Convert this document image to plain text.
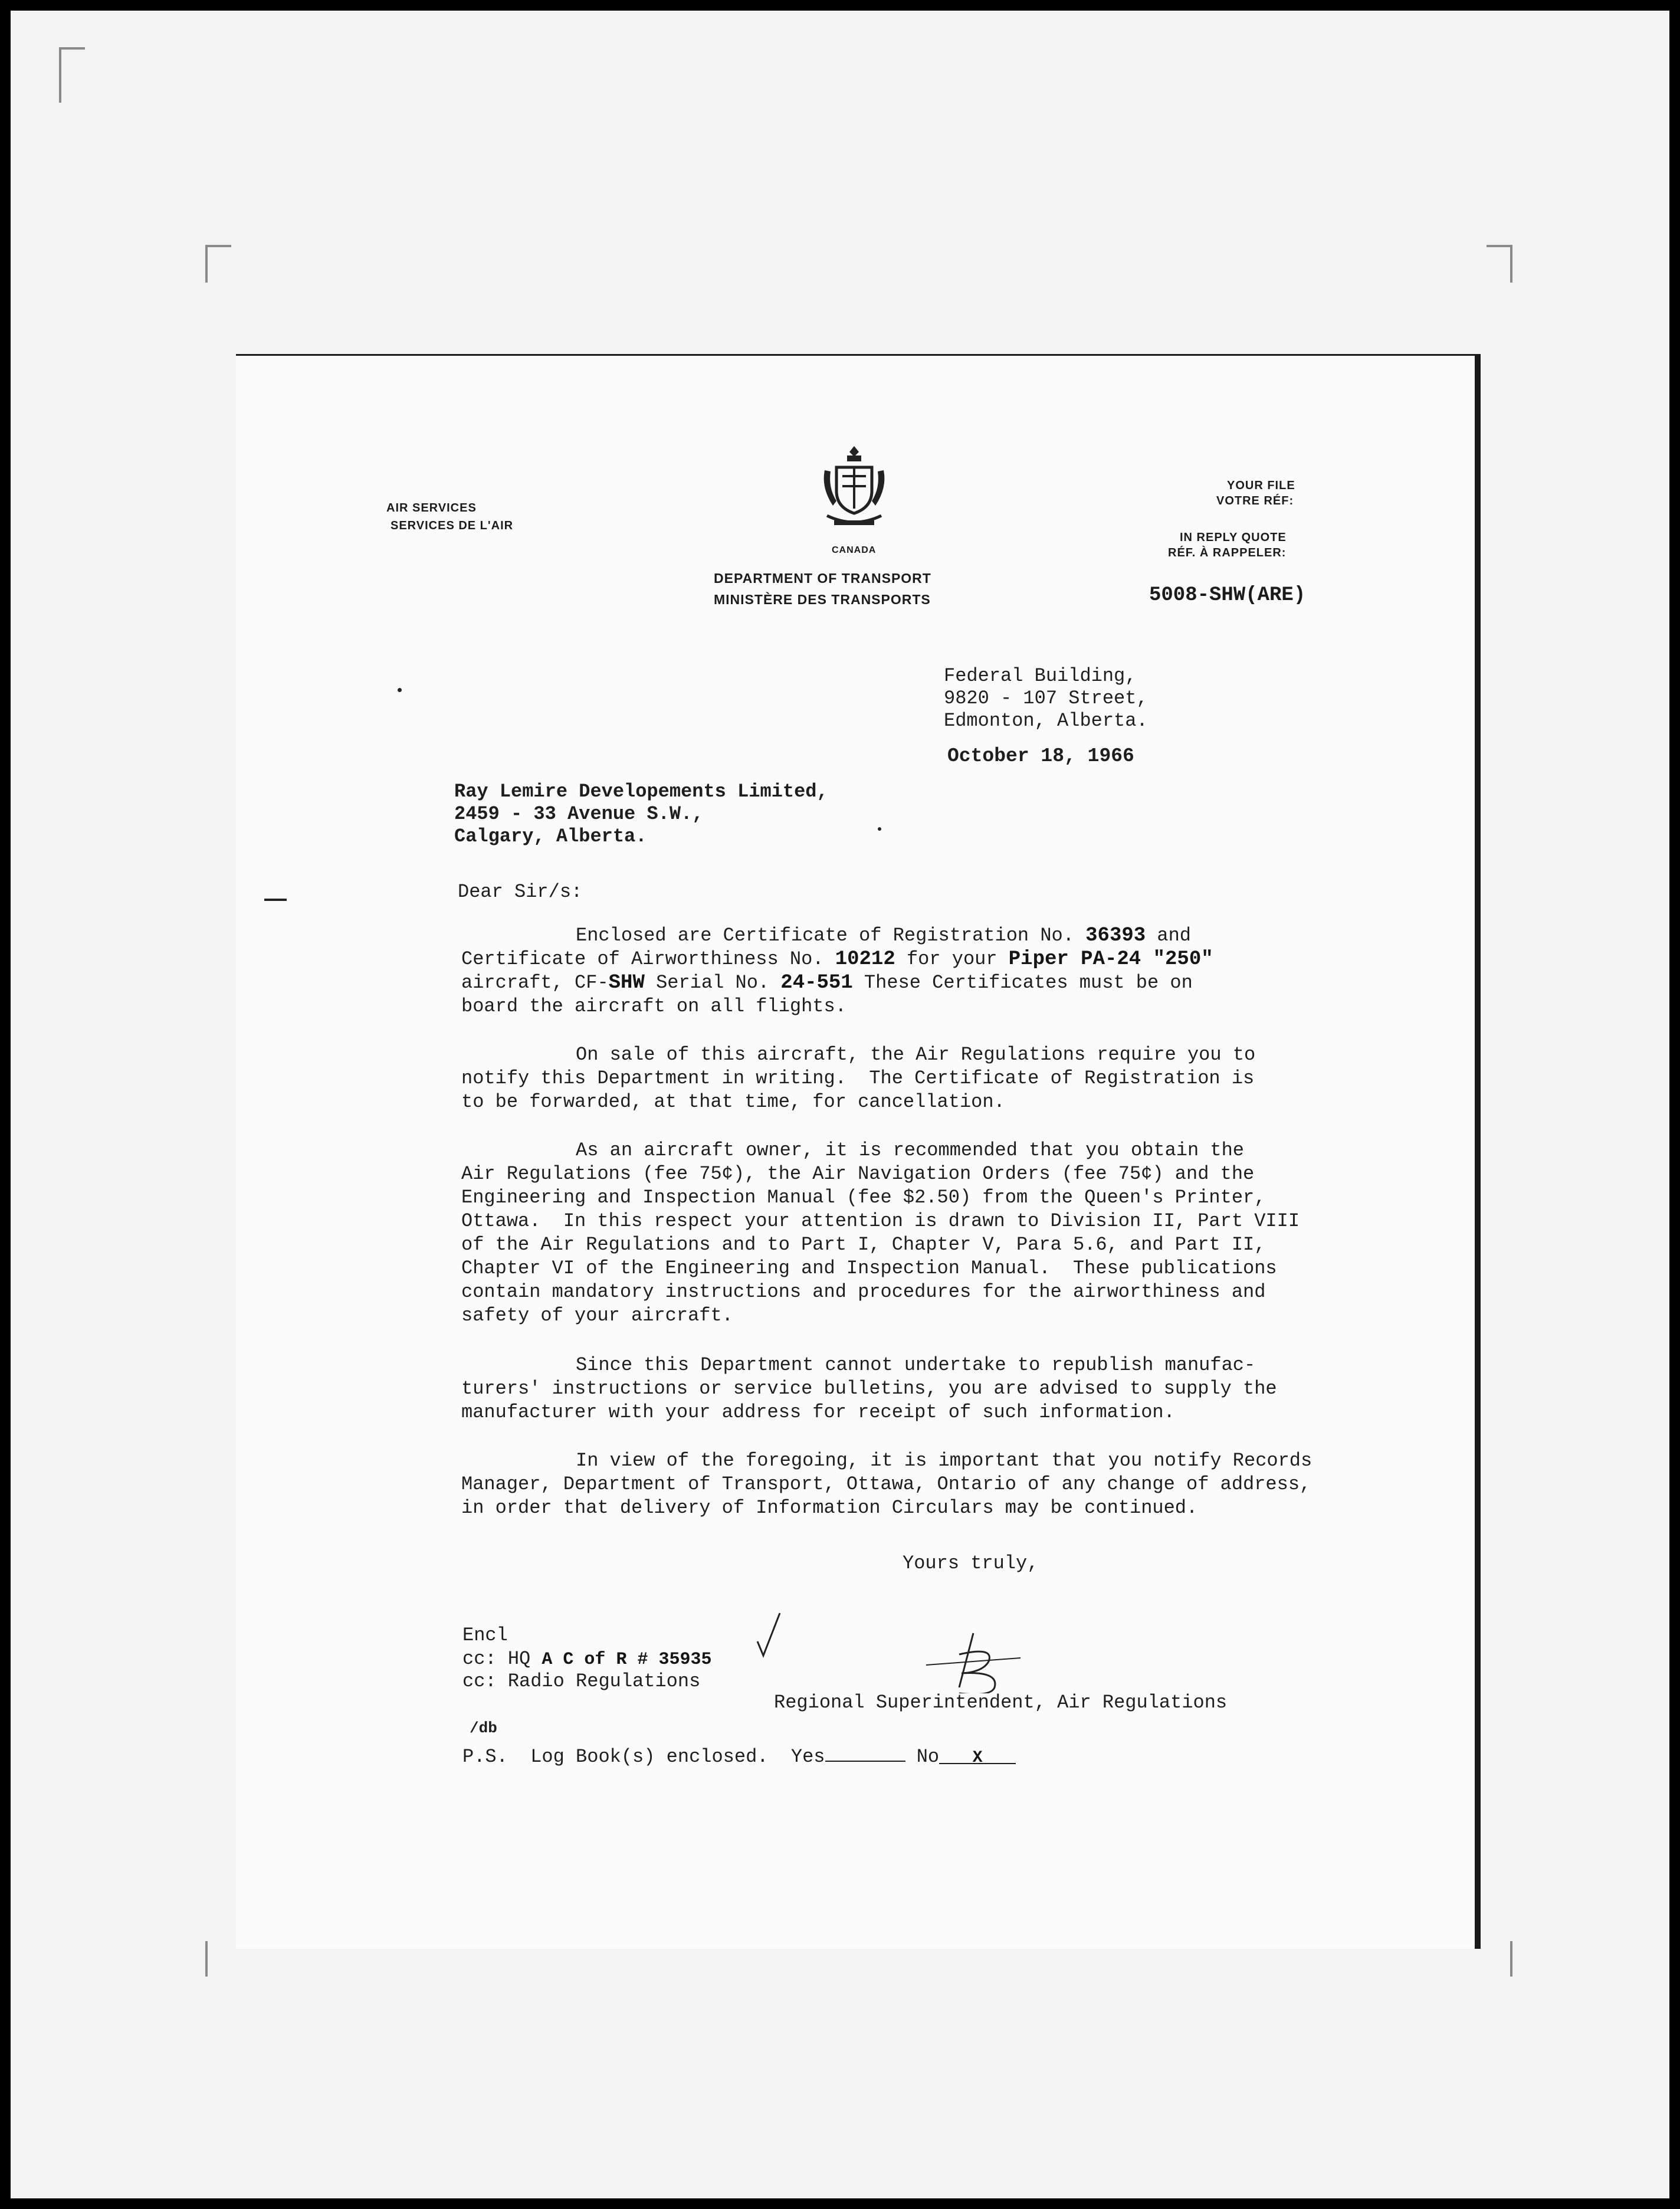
AIR SERVICES
SERVICES DE L'AIR
CANADA
DEPARTMENT OF TRANSPORT
MINISTÈRE DES TRANSPORTS
YOUR FILE
VOTRE RÉF:
IN REPLY QUOTE
RÉF. À RAPPELER:
5008-SHW(ARE)
Federal Building,
9820 - 107 Street,
Edmonton, Alberta.
October 18, 1966
Ray Lemire Developements Limited,
2459 - 33 Avenue S.W.,
Calgary, Alberta.
Dear Sir/s:
Enclosed are Certificate of Registration No. 36393 and
Certificate of Airworthiness No. 10212 for your Piper PA-24 "250"
aircraft, CF-SHW Serial No. 24-551 These Certificates must be on
board the aircraft on all flights.
On sale of this aircraft, the Air Regulations require you to
notify this Department in writing.  The Certificate of Registration is
to be forwarded, at that time, for cancellation.
As an aircraft owner, it is recommended that you obtain the
Air Regulations (fee 75¢), the Air Navigation Orders (fee 75¢) and the
Engineering and Inspection Manual (fee $2.50) from the Queen's Printer,
Ottawa.  In this respect your attention is drawn to Division II, Part VIII
of the Air Regulations and to Part I, Chapter V, Para 5.6, and Part II,
Chapter VI of the Engineering and Inspection Manual.  These publications
contain mandatory instructions and procedures for the airworthiness and
safety of your aircraft.
Since this Department cannot undertake to republish manufac-
turers' instructions or service bulletins, you are advised to supply the
manufacturer with your address for receipt of such information.
In view of the foregoing, it is important that you notify Records
Manager, Department of Transport, Ottawa, Ontario of any change of address,
in order that delivery of Information Circulars may be continued.
Yours truly,
Encl
cc: HQ A C of R # 35935
cc: Radio Regulations
Regional Superintendent, Air Regulations
/db
P.S.  Log Book(s) enclosed.  Yes	No X
